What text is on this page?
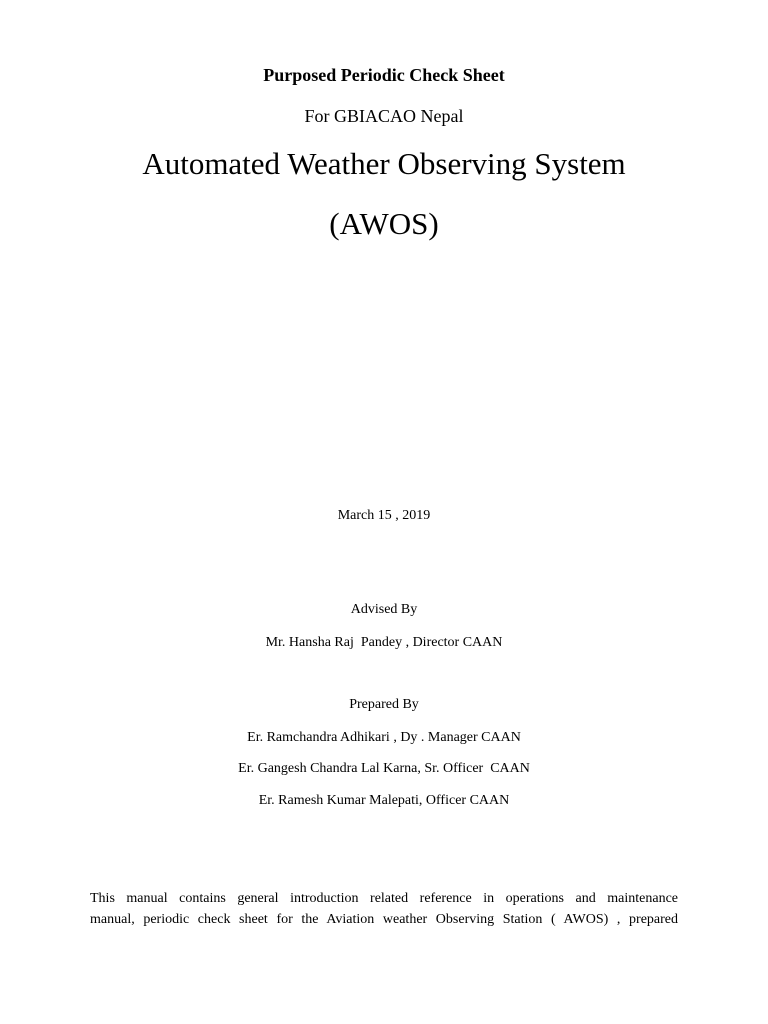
Purposed Periodic Check Sheet
For GBIACAO Nepal
Automated Weather Observing System
(AWOS)
March 15 , 2019
Advised By
Mr. Hansha Raj  Pandey , Director CAAN
Prepared By
Er. Ramchandra Adhikari , Dy . Manager CAAN
Er. Gangesh Chandra Lal Karna, Sr. Officer  CAAN
Er. Ramesh Kumar Malepati, Officer CAAN
This manual contains general introduction related reference in operations and maintenance
manual, periodic check sheet for the Aviation weather Observing Station ( AWOS) , prepared
